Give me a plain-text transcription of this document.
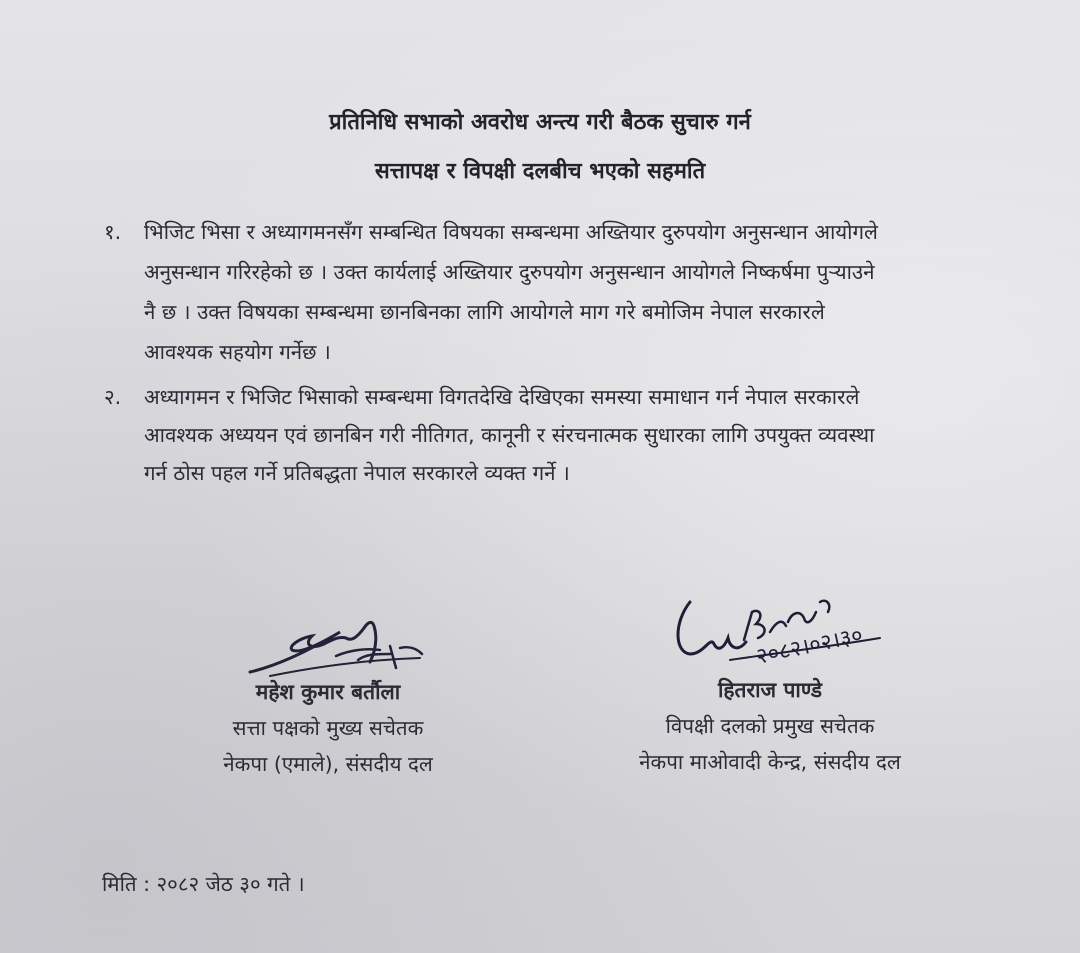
प्रतिनिधि सभाको अवरोध अन्त्य गरी बैठक सुचारु गर्न
सत्तापक्ष र विपक्षी दलबीच भएको सहमति
१.	भिजिट भिसा र अध्यागमनसँग सम्बन्धित विषयका सम्बन्धमा अख्तियार दुरुपयोग अनुसन्धान आयोगले
अनुसन्धान गरिरहेको छ । उक्त कार्यलाई अख्तियार दुरुपयोग अनुसन्धान आयोगले निष्कर्षमा पुऱ्याउने
नै छ । उक्त विषयका सम्बन्धमा छानबिनका लागि आयोगले माग गरे बमोजिम नेपाल सरकारले
आवश्यक सहयोग गर्नेछ ।
२.	अध्यागमन र भिजिट भिसाको सम्बन्धमा विगतदेखि देखिएका समस्या समाधान गर्न नेपाल सरकारले
आवश्यक अध्ययन एवं छानबिन गरी नीतिगत, कानूनी र संरचनात्मक सुधारका लागि उपयुक्त व्यवस्था
गर्न ठोस पहल गर्ने प्रतिबद्धता नेपाल सरकारले व्यक्त गर्ने ।
२०८२।०२।३०
महेश कुमार बर्तौला
सत्ता पक्षको मुख्य सचेतक
नेकपा (एमाले), संसदीय दल
हितराज पाण्डे
विपक्षी दलको प्रमुख सचेतक
नेकपा माओवादी केन्द्र, संसदीय दल
मिति : २०८२ जेठ ३० गते ।
